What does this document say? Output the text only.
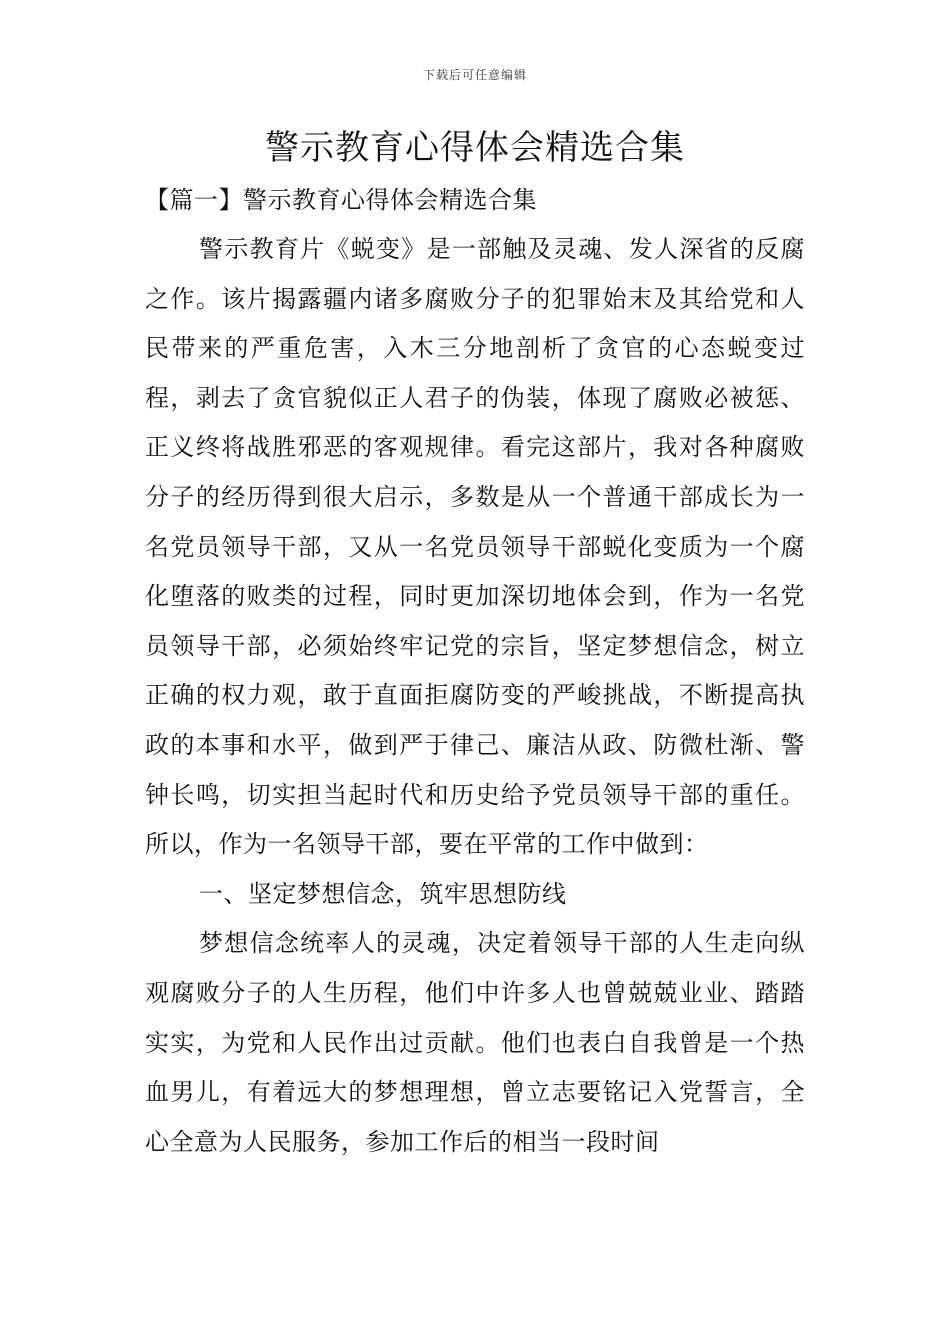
下载后可任意编辑
警示教育心得体会精选合集
【篇一】警示教育心得体会精选合集

警示教育片《蜕变》是一部触及灵魂、发人深省的反腐之作。该片揭露疆内诸多腐败分子的犯罪始末及其给党和人民带来的严重危害，入木三分地剖析了贪官的心态蜕变过程，剥去了贪官貌似正人君子的伪装，体现了腐败必被惩、正义终将战胜邪恶的客观规律。看完这部片，我对各种腐败分子的经历得到很大启示，多数是从一个普通干部成长为一名党员领导干部，又从一名党员领导干部蜕化变质为一个腐化堕落的败类的过程，同时更加深切地体会到，作为一名党员领导干部，必须始终牢记党的宗旨，坚定梦想信念，树立正确的权力观，敢于直面拒腐防变的严峻挑战，不断提高执政的本事和水平，做到严于律己、廉洁从政、防微杜渐、警钟长鸣，切实担当起时代和历史给予党员领导干部的重任。所以，作为一名领导干部，要在平常的工作中做到：

一、坚定梦想信念，筑牢思想防线

梦想信念统率人的灵魂，决定着领导干部的人生走向纵观腐败分子的人生历程，他们中许多人也曾兢兢业业、踏踏实实，为党和人民作出过贡献。他们也表白自我曾是一个热血男儿，有着远大的梦想理想，曾立志要铭记入党誓言，全心全意为人民服务，参加工作后的相当一段时间
